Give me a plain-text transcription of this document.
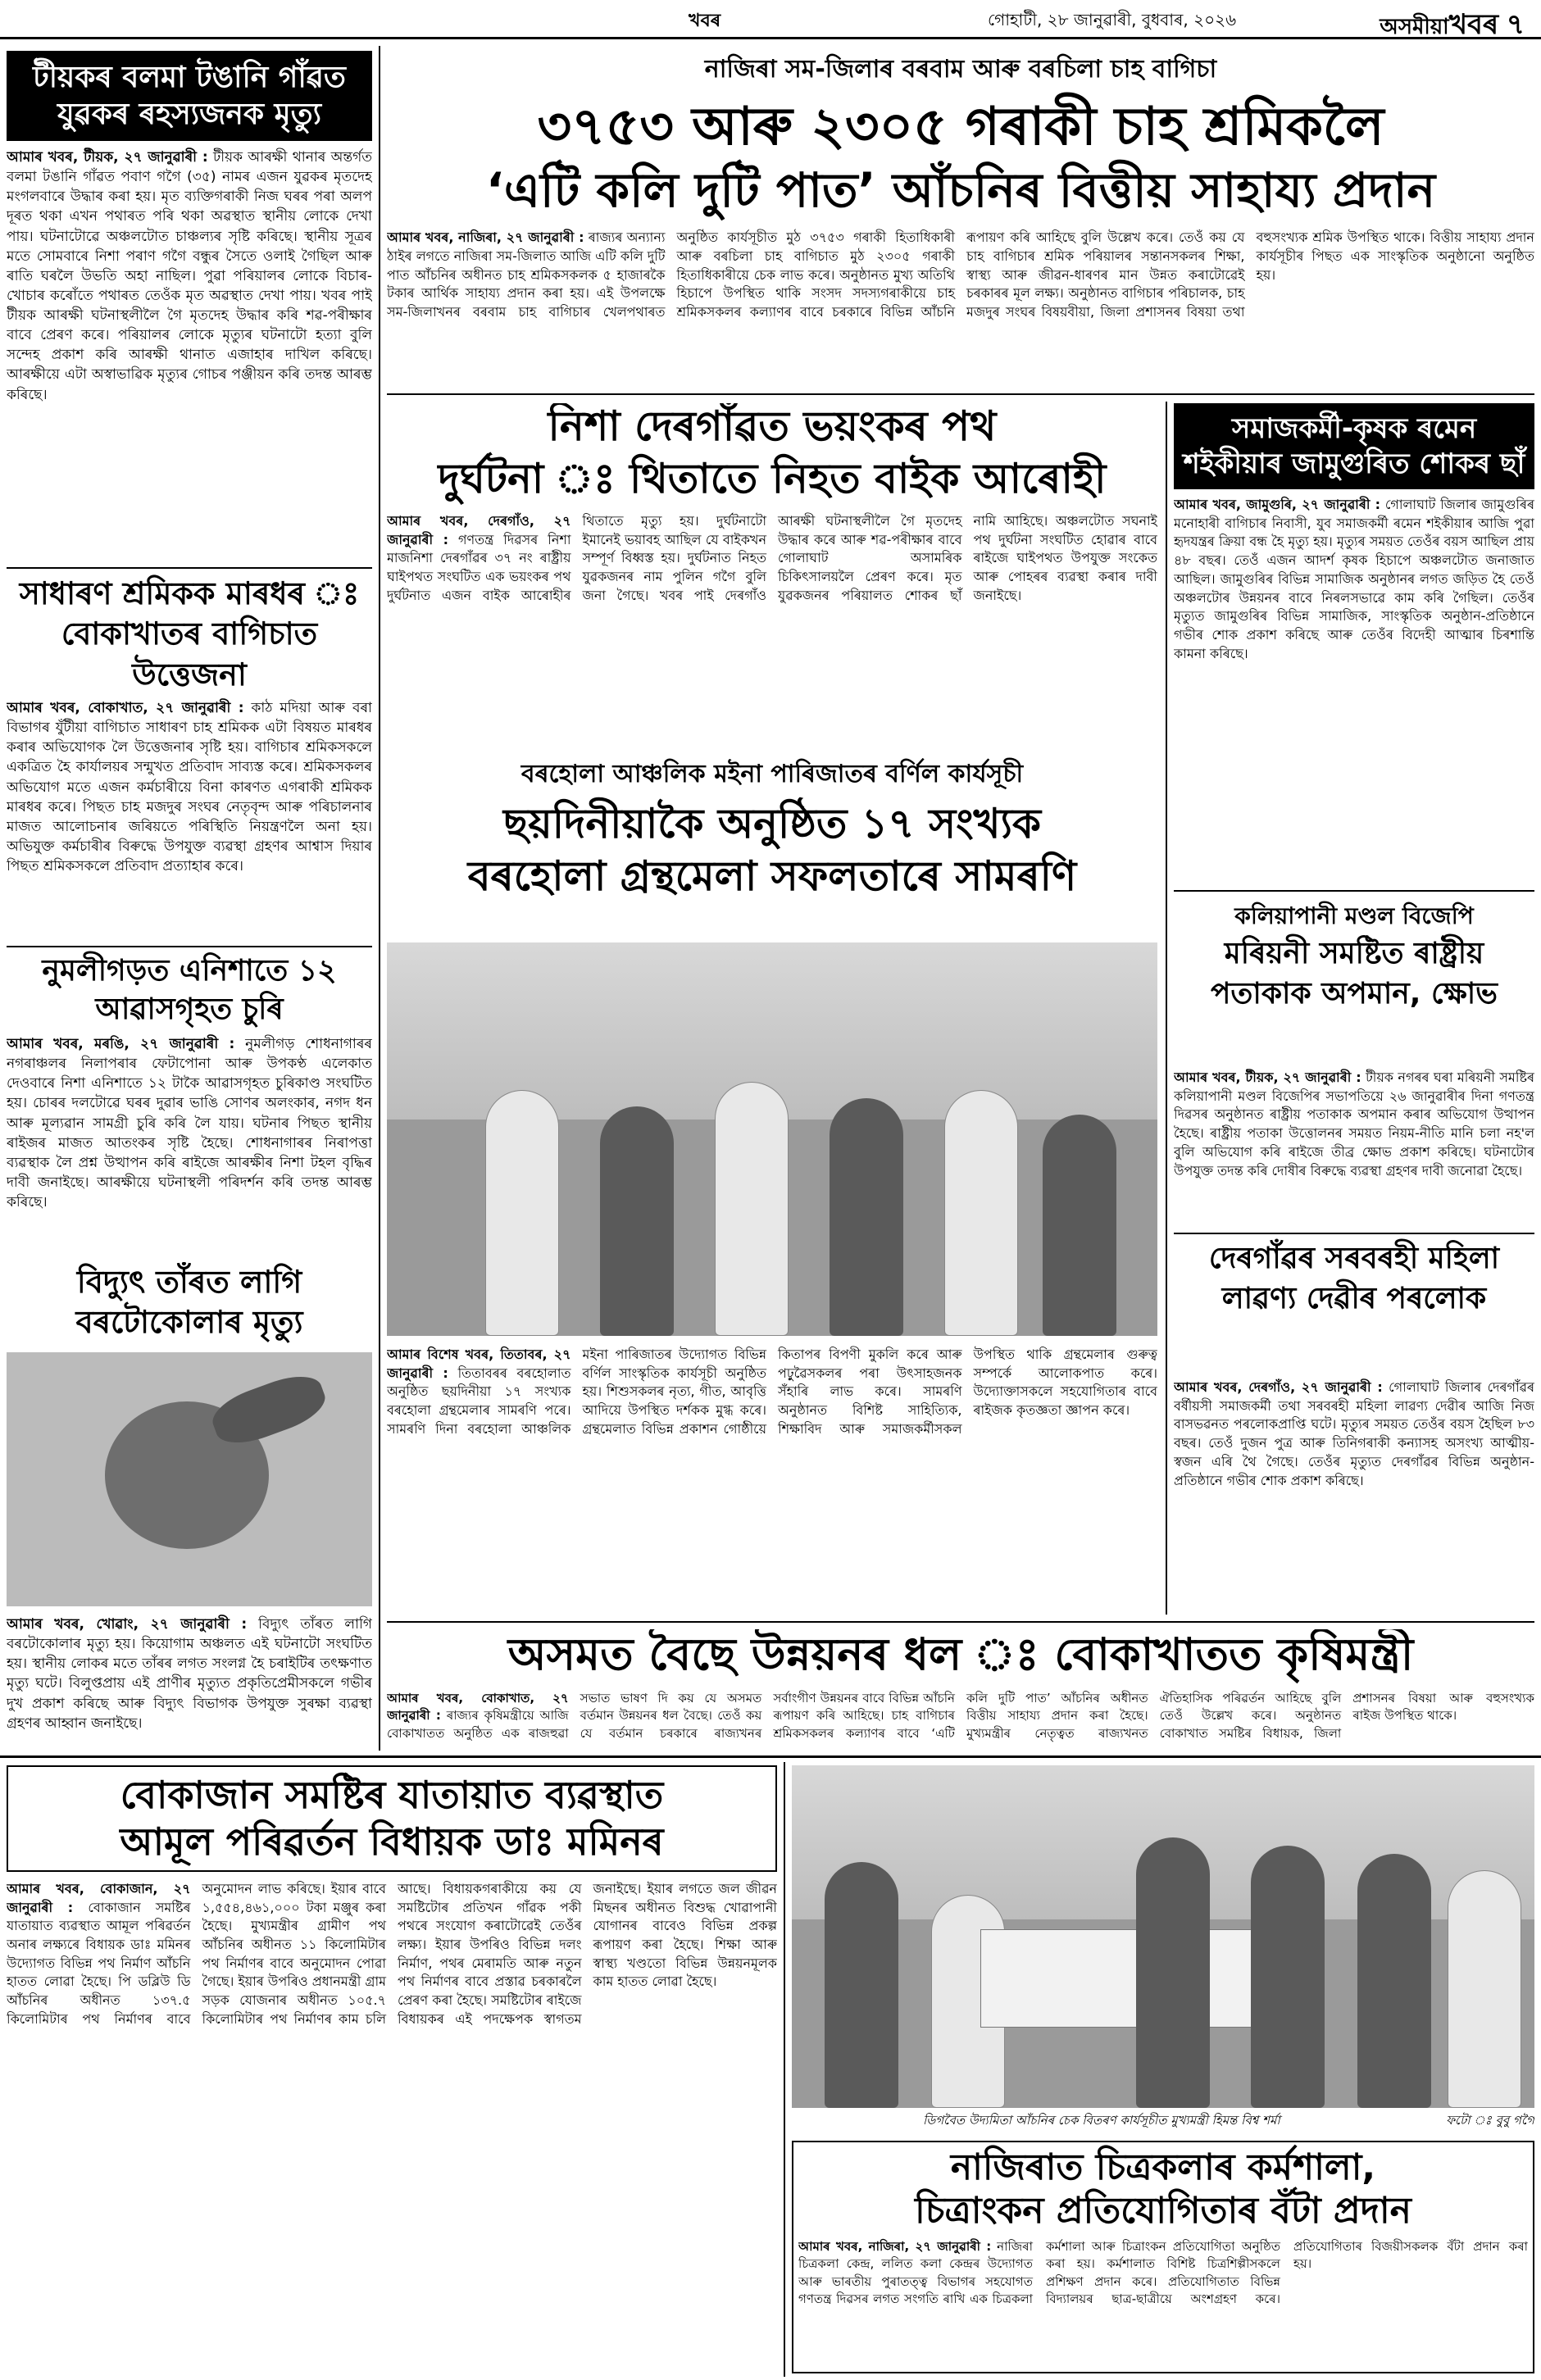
খবৰ	গোহাটী, ২৮ জানুৱাৰী, বুধবাৰ, ২০২৬	অসমীয়াখবৰ ৭
টীয়কৰ বলমা টঙানি গাঁৱত যুৱকৰ ৰহস্যজনক মৃত্যু
আমাৰ খবৰ, টীয়ক, ২৭ জানুৱাৰী : টীয়ক আৰক্ষী থানাৰ অন্তৰ্গত বলমা টঙানি গাঁৱত পবাণ গগৈ (৩৫) নামৰ এজন যুৱকৰ মৃতদেহ মংগলবাৰে উদ্ধাৰ কৰা হয়। মৃত ব্যক্তিগৰাকী নিজ ঘৰৰ পৰা অলপ দূৰত থকা এখন পথাৰত পৰি থকা অৱস্থাত স্থানীয় লোকে দেখা পায়। ঘটনাটোৱে অঞ্চলটোত চাঞ্চল্যৰ সৃষ্টি কৰিছে। স্থানীয় সূত্ৰৰ মতে সোমবাৰে নিশা পৰাণ গগৈ বন্ধুৰ সৈতে ওলাই গৈছিল আৰু ৰাতি ঘৰলৈ উভতি অহা নাছিল। পুৱা পৰিয়ালৰ লোকে বিচাৰ-খোচাৰ কৰোঁতে পথাৰত তেওঁক মৃত অৱস্থাত দেখা পায়। খবৰ পাই টীয়ক আৰক্ষী ঘটনাস্থলীলৈ গৈ মৃতদেহ উদ্ধাৰ কৰি শৱ-পৰীক্ষাৰ বাবে প্ৰেৰণ কৰে। পৰিয়ালৰ লোকে মৃত্যুৰ ঘটনাটো হত্যা বুলি সন্দেহ প্ৰকাশ কৰি আৰক্ষী থানাত এজাহাৰ দাখিল কৰিছে। আৰক্ষীয়ে এটা অস্বাভাৱিক মৃত্যুৰ গোচৰ পঞ্জীয়ন কৰি তদন্ত আৰম্ভ কৰিছে।
সাধাৰণ শ্ৰমিকক মাৰধৰ ঃ বোকাখাতৰ বাগিচাত উত্তেজনা
আমাৰ খবৰ, বোকাখাত, ২৭ জানুৱাৰী : কাঠ মদিয়া আৰু বৰা বিভাগৰ যুঁটীয়া বাগিচাত সাধাৰণ চাহ শ্ৰমিকক এটা বিষয়ত মাৰধৰ কৰাৰ অভিযোগক লৈ উত্তেজনাৰ সৃষ্টি হয়। বাগিচাৰ শ্ৰমিকসকলে একত্ৰিত হৈ কাৰ্যালয়ৰ সন্মুখত প্ৰতিবাদ সাব্যস্ত কৰে। শ্ৰমিকসকলৰ অভিযোগ মতে এজন কৰ্মচাৰীয়ে বিনা কাৰণত এগৰাকী শ্ৰমিকক মাৰধৰ কৰে। পিছত চাহ মজদুৰ সংঘৰ নেতৃবৃন্দ আৰু পৰিচালনাৰ মাজত আলোচনাৰ জৰিয়তে পৰিস্থিতি নিয়ন্ত্ৰণলৈ অনা হয়। অভিযুক্ত কৰ্মচাৰীৰ বিৰুদ্ধে উপযুক্ত ব্যৱস্থা গ্ৰহণৰ আশ্বাস দিয়াৰ পিছত শ্ৰমিকসকলে প্ৰতিবাদ প্ৰত্যাহাৰ কৰে।
নুমলীগড়ত এনিশাতে ১২ আৱাসগৃহত চুৰি
আমাৰ খবৰ, মৰঙি, ২৭ জানুৱাৰী : নুমলীগড় শোধনাগাৰৰ নগৰাঞ্চলৰ নিলাপৰাৰ ফেটাপোনা আৰু উপকণ্ঠ এলেকাত দেওবাৰে নিশা এনিশাতে ১২ টাকৈ আৱাসগৃহত চুৰিকাণ্ড সংঘটিত হয়। চোৰৰ দলটোৱে ঘৰৰ দুৱাৰ ভাঙি সোণৰ অলংকাৰ, নগদ ধন আৰু মূল্যৱান সামগ্ৰী চুৰি কৰি লৈ যায়। ঘটনাৰ পিছত স্থানীয় ৰাইজৰ মাজত আতংকৰ সৃষ্টি হৈছে। শোধনাগাৰৰ নিৰাপত্তা ব্যৱস্থাক লৈ প্ৰশ্ন উত্থাপন কৰি ৰাইজে আৰক্ষীৰ নিশা টহল বৃদ্ধিৰ দাবী জনাইছে। আৰক্ষীয়ে ঘটনাস্থলী পৰিদৰ্শন কৰি তদন্ত আৰম্ভ কৰিছে।
বিদ্যুৎ তাঁৰত লাগি বৰটোকোলাৰ মৃত্যু
আমাৰ খবৰ, খোৱাং, ২৭ জানুৱাৰী : বিদ্যুৎ তাঁৰত লাগি বৰটোকোলাৰ মৃত্যু হয়। কিয়োগাম অঞ্চলত এই ঘটনাটো সংঘটিত হয়। স্থানীয় লোকৰ মতে তাঁৰৰ লগত সংলগ্ন হৈ চৰাইটিৰ তৎক্ষণাত মৃত্যু ঘটে। বিলুপ্তপ্ৰায় এই প্ৰাণীৰ মৃত্যুত প্ৰকৃতিপ্ৰেমীসকলে গভীৰ দুখ প্ৰকাশ কৰিছে আৰু বিদ্যুৎ বিভাগক উপযুক্ত সুৰক্ষা ব্যৱস্থা গ্ৰহণৰ আহ্বান জনাইছে।
নাজিৰা সম-জিলাৰ বৰবাম আৰু বৰচিলা চাহ বাগিচা
৩৭৫৩ আৰু ২৩০৫ গৰাকী চাহ শ্ৰমিকলৈ
‘এটি কলি দুটি পাত’ আঁচনিৰ বিত্তীয় সাহায্য প্ৰদান
আমাৰ খবৰ, নাজিৰা, ২৭ জানুৱাৰী : ৰাজ্যৰ অন্যান্য ঠাইৰ লগতে নাজিৰা সম-জিলাত আজি এটি কলি দুটি পাত আঁচনিৰ অধীনত চাহ শ্ৰমিকসকলক ৫ হাজাৰকৈ টকাৰ আৰ্থিক সাহায্য প্ৰদান কৰা হয়। এই উপলক্ষে সম-জিলাখনৰ বৰবাম চাহ বাগিচাৰ খেলপথাৰত অনুষ্ঠিত কাৰ্যসূচীত মুঠ ৩৭৫৩ গৰাকী হিতাধিকাৰী আৰু বৰচিলা চাহ বাগিচাত মুঠ ২৩০৫ গৰাকী হিতাধিকাৰীয়ে চেক লাভ কৰে। অনুষ্ঠানত মুখ্য অতিথি হিচাপে উপস্থিত থাকি সংসদ সদস্যগৰাকীয়ে চাহ শ্ৰমিকসকলৰ কল্যাণৰ বাবে চৰকাৰে বিভিন্ন আঁচনি ৰূপায়ণ কৰি আহিছে বুলি উল্লেখ কৰে। তেওঁ কয় যে চাহ বাগিচাৰ শ্ৰমিক পৰিয়ালৰ সন্তানসকলৰ শিক্ষা, স্বাস্থ্য আৰু জীৱন-ধাৰণৰ মান উন্নত কৰাটোৱেই চৰকাৰৰ মূল লক্ষ্য। অনুষ্ঠানত বাগিচাৰ পৰিচালক, চাহ মজদুৰ সংঘৰ বিষয়বীয়া, জিলা প্ৰশাসনৰ বিষয়া তথা বহুসংখ্যক শ্ৰমিক উপস্থিত থাকে। বিত্তীয় সাহায্য প্ৰদান কাৰ্যসূচীৰ পিছত এক সাংস্কৃতিক অনুষ্ঠানো অনুষ্ঠিত হয়।
নিশা দেৰগাঁৱত ভয়ংকৰ পথ
দুৰ্ঘটনা ঃ থিতাতে নিহত বাইক আৰোহী
আমাৰ খবৰ, দেৰগাঁও, ২৭ জানুৱাৰী : গণতন্ত্ৰ দিৱসৰ নিশা মাজনিশা দেৰগাঁৱৰ ৩৭ নং ৰাষ্ট্ৰীয় ঘাইপথত সংঘটিত এক ভয়ংকৰ পথ দুৰ্ঘটনাত এজন বাইক আৰোহীৰ থিতাতে মৃত্যু হয়। দুৰ্ঘটনাটো ইমানেই ভয়াবহ আছিল যে বাইকখন সম্পূৰ্ণ বিধ্বস্ত হয়। দুৰ্ঘটনাত নিহত যুৱকজনৰ নাম পুলিন গগৈ বুলি জনা গৈছে। খবৰ পাই দেৰগাঁও আৰক্ষী ঘটনাস্থলীলৈ গৈ মৃতদেহ উদ্ধাৰ কৰে আৰু শৱ-পৰীক্ষাৰ বাবে গোলাঘাট অসামৰিক চিকিৎসালয়লৈ প্ৰেৰণ কৰে। মৃত যুৱকজনৰ পৰিয়ালত শোকৰ ছাঁ নামি আহিছে। অঞ্চলটোত সঘনাই পথ দুৰ্ঘটনা সংঘটিত হোৱাৰ বাবে ৰাইজে ঘাইপথত উপযুক্ত সংকেত আৰু পোহৰৰ ব্যৱস্থা কৰাৰ দাবী জনাইছে।
বৰহোলা আঞ্চলিক মইনা পাৰিজাতৰ বৰ্ণিল কাৰ্যসূচী
ছয়দিনীয়াকৈ অনুষ্ঠিত ১৭ সংখ্যক
বৰহোলা গ্ৰন্থমেলা সফলতাৰে সামৰণি
আমাৰ বিশেষ খবৰ, তিতাবৰ, ২৭ জানুৱাৰী : তিতাবৰৰ বৰহোলাত অনুষ্ঠিত ছয়দিনীয়া ১৭ সংখ্যক বৰহোলা গ্ৰন্থমেলাৰ সামৰণি পৰে। সামৰণি দিনা বৰহোলা আঞ্চলিক মইনা পাৰিজাতৰ উদ্যোগত বিভিন্ন বৰ্ণিল সাংস্কৃতিক কাৰ্যসূচী অনুষ্ঠিত হয়। শিশুসকলৰ নৃত্য, গীত, আবৃত্তি আদিয়ে উপস্থিত দৰ্শকক মুগ্ধ কৰে। গ্ৰন্থমেলাত বিভিন্ন প্ৰকাশন গোষ্ঠীয়ে কিতাপৰ বিপণী মুকলি কৰে আৰু পঢ়ুৱৈসকলৰ পৰা উৎসাহজনক সঁহাৰি লাভ কৰে। সামৰণি অনুষ্ঠানত বিশিষ্ট সাহিত্যিক, শিক্ষাবিদ আৰু সমাজকৰ্মীসকল উপস্থিত থাকি গ্ৰন্থমেলাৰ গুৰুত্ব সম্পৰ্কে আলোকপাত কৰে। উদ্যোক্তাসকলে সহযোগিতাৰ বাবে ৰাইজক কৃতজ্ঞতা জ্ঞাপন কৰে।
সমাজকৰ্মী-কৃষক ৰমেন শইকীয়াৰ জামুগুৰিত শোকৰ ছাঁ
আমাৰ খবৰ, জামুগুৰি, ২৭ জানুৱাৰী : গোলাঘাট জিলাৰ জামুগুৰিৰ মনোহাৰী বাগিচাৰ নিবাসী, যুব সমাজকৰ্মী ৰমেন শইকীয়াৰ আজি পুৱা হৃদযন্ত্ৰৰ ক্ৰিয়া বন্ধ হৈ মৃত্যু হয়। মৃত্যুৰ সময়ত তেওঁৰ বয়স আছিল প্ৰায় ৪৮ বছৰ। তেওঁ এজন আদৰ্শ কৃষক হিচাপে অঞ্চলটোত জনাজাত আছিল। জামুগুৰিৰ বিভিন্ন সামাজিক অনুষ্ঠানৰ লগত জড়িত হৈ তেওঁ অঞ্চলটোৰ উন্নয়নৰ বাবে নিৰলসভাৱে কাম কৰি গৈছিল। তেওঁৰ মৃত্যুত জামুগুৰিৰ বিভিন্ন সামাজিক, সাংস্কৃতিক অনুষ্ঠান-প্ৰতিষ্ঠানে গভীৰ শোক প্ৰকাশ কৰিছে আৰু তেওঁৰ বিদেহী আত্মাৰ চিৰশান্তি কামনা কৰিছে।
কলিয়াপানী মণ্ডল বিজেপি
মৰিয়নী সমষ্টিত ৰাষ্ট্ৰীয় পতাকাক অপমান, ক্ষোভ
আমাৰ খবৰ, টীয়ক, ২৭ জানুৱাৰী : টীয়ক নগৰৰ ঘৰা মৰিয়নী সমষ্টিৰ কলিয়াপানী মণ্ডল বিজেপিৰ সভাপতিয়ে ২৬ জানুৱাৰীৰ দিনা গণতন্ত্ৰ দিৱসৰ অনুষ্ঠানত ৰাষ্ট্ৰীয় পতাকাক অপমান কৰাৰ অভিযোগ উত্থাপন হৈছে। ৰাষ্ট্ৰীয় পতাকা উত্তোলনৰ সময়ত নিয়ম-নীতি মানি চলা নহ'ল বুলি অভিযোগ কৰি ৰাইজে তীব্ৰ ক্ষোভ প্ৰকাশ কৰিছে। ঘটনাটোৰ উপযুক্ত তদন্ত কৰি দোষীৰ বিৰুদ্ধে ব্যৱস্থা গ্ৰহণৰ দাবী জনোৱা হৈছে।
দেৰগাঁৱৰ সৰবৰহী মহিলা লাৱণ্য দেৱীৰ পৰলোক
আমাৰ খবৰ, দেৰগাঁও, ২৭ জানুৱাৰী : গোলাঘাট জিলাৰ দেৰগাঁৱৰ বৰ্ষীয়সী সমাজকৰ্মী তথা সৰবৰহী মহিলা লাৱণ্য দেৱীৰ আজি নিজ বাসভৱনত পৰলোকপ্ৰাপ্তি ঘটে। মৃত্যুৰ সময়ত তেওঁৰ বয়স হৈছিল ৮৩ বছৰ। তেওঁ দুজন পুত্ৰ আৰু তিনিগৰাকী কন্যাসহ অসংখ্য আত্মীয়-স্বজন এৰি থৈ গৈছে। তেওঁৰ মৃত্যুত দেৰগাঁৱৰ বিভিন্ন অনুষ্ঠান-প্ৰতিষ্ঠানে গভীৰ শোক প্ৰকাশ কৰিছে।
অসমত বৈছে উন্নয়নৰ ধল ঃ বোকাখাতত কৃষিমন্ত্ৰী
আমাৰ খবৰ, বোকাখাত, ২৭ জানুৱাৰী : ৰাজ্যৰ কৃষিমন্ত্ৰীয়ে আজি বোকাখাতত অনুষ্ঠিত এক ৰাজহুৱা সভাত ভাষণ দি কয় যে অসমত বৰ্তমান উন্নয়নৰ ধল বৈছে। তেওঁ কয় যে বৰ্তমান চৰকাৰে ৰাজ্যখনৰ সৰ্বাংগীণ উন্নয়নৰ বাবে বিভিন্ন আঁচনি ৰূপায়ণ কৰি আহিছে। চাহ বাগিচাৰ শ্ৰমিকসকলৰ কল্যাণৰ বাবে ‘এটি কলি দুটি পাত’ আঁচনিৰ অধীনত বিত্তীয় সাহায্য প্ৰদান কৰা হৈছে। মুখ্যমন্ত্ৰীৰ নেতৃত্বত ৰাজ্যখনত ঐতিহাসিক পৰিৱৰ্তন আহিছে বুলি তেওঁ উল্লেখ কৰে। অনুষ্ঠানত বোকাখাত সমষ্টিৰ বিধায়ক, জিলা প্ৰশাসনৰ বিষয়া আৰু বহুসংখ্যক ৰাইজ উপস্থিত থাকে।
বোকাজান সমষ্টিৰ যাতায়াত ব্যৱস্থাত
আমূল পৰিৱৰ্তন বিধায়ক ডাঃ মমিনৰ
আমাৰ খবৰ, বোকাজান, ২৭ জানুৱাৰী : বোকাজান সমষ্টিৰ যাতায়াত ব্যৱস্থাত আমূল পৰিৱৰ্তন অনাৰ লক্ষ্যৰে বিধায়ক ডাঃ মমিনৰ উদ্যোগত বিভিন্ন পথ নিৰ্মাণ আঁচনি হাতত লোৱা হৈছে। পি ডব্লিউ ডি আঁচনিৰ অধীনত ১৩৭.৫ কিলোমিটাৰ পথ নিৰ্মাণৰ বাবে অনুমোদন লাভ কৰিছে। ইয়াৰ বাবে ১,৫৫৪,৪৬১,০০০ টকা মঞ্জুৰ কৰা হৈছে। মুখ্যমন্ত্ৰীৰ গ্ৰামীণ পথ আঁচনিৰ অধীনত ১১ কিলোমিটাৰ পথ নিৰ্মাণৰ বাবে অনুমোদন পোৱা গৈছে। ইয়াৰ উপৰিও প্ৰধানমন্ত্ৰী গ্ৰাম সড়ক যোজনাৰ অধীনত ১০৫.৭ কিলোমিটাৰ পথ নিৰ্মাণৰ কাম চলি আছে। বিধায়কগৰাকীয়ে কয় যে সমষ্টিটোৰ প্ৰতিখন গাঁৱক পকী পথৰে সংযোগ কৰাটোৱেই তেওঁৰ লক্ষ্য। ইয়াৰ উপৰিও বিভিন্ন দলং নিৰ্মাণ, পথৰ মেৰামতি আৰু নতুন পথ নিৰ্মাণৰ বাবে প্ৰস্তাৱ চৰকাৰলৈ প্ৰেৰণ কৰা হৈছে। সমষ্টিটোৰ ৰাইজে বিধায়কৰ এই পদক্ষেপক স্বাগতম জনাইছে। ইয়াৰ লগতে জল জীৱন মিছনৰ অধীনত বিশুদ্ধ খোৱাপানী যোগানৰ বাবেও বিভিন্ন প্ৰকল্প ৰূপায়ণ কৰা হৈছে। শিক্ষা আৰু স্বাস্থ্য খণ্ডতো বিভিন্ন উন্নয়নমূলক কাম হাতত লোৱা হৈছে।
ডিগবৈত উদ্যমিতা আঁচনিৰ চেক বিতৰণ কাৰ্যসূচীত মুখ্যমন্ত্ৰী হিমন্ত বিশ্ব শৰ্মা	ফটো ঃ বুবু গগৈ
নাজিৰাত চিত্ৰকলাৰ কৰ্মশালা,
চিত্ৰাংকন প্ৰতিযোগিতাৰ বঁটা প্ৰদান
আমাৰ খবৰ, নাজিৰা, ২৭ জানুৱাৰী : নাজিৰা চিত্ৰকলা কেন্দ্ৰ, ললিত কলা কেন্দ্ৰৰ উদ্যোগত আৰু ভাৰতীয় পুৰাতত্ত্ব বিভাগৰ সহযোগত গণতন্ত্ৰ দিৱসৰ লগত সংগতি ৰাখি এক চিত্ৰকলা কৰ্মশালা আৰু চিত্ৰাংকন প্ৰতিযোগিতা অনুষ্ঠিত কৰা হয়। কৰ্মশালাত বিশিষ্ট চিত্ৰশিল্পীসকলে প্ৰশিক্ষণ প্ৰদান কৰে। প্ৰতিযোগিতাত বিভিন্ন বিদ্যালয়ৰ ছাত্ৰ-ছাত্ৰীয়ে অংশগ্ৰহণ কৰে। প্ৰতিযোগিতাৰ বিজয়ীসকলক বঁটা প্ৰদান কৰা হয়।
